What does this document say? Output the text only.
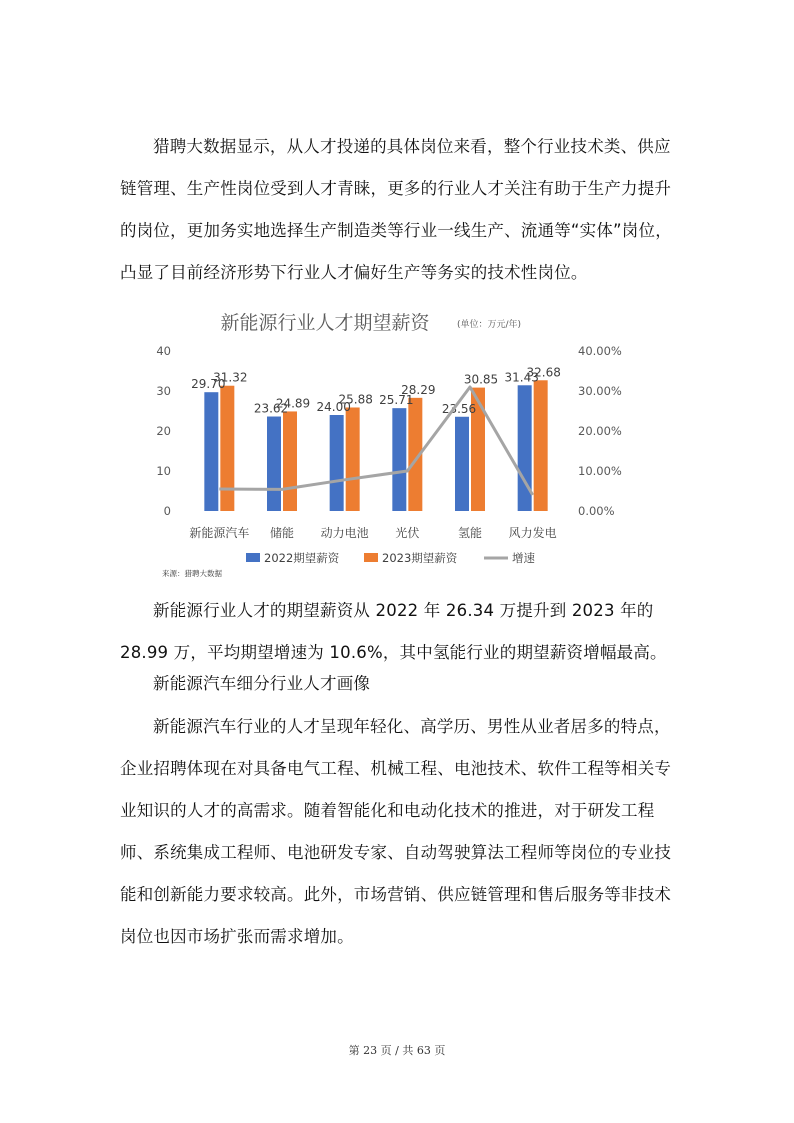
猎聘大数据显示，从人才投递的具体岗位来看，整个行业技术类、供应链管理、生产性岗位受到人才青睐，更多的行业人才关注有助于生产力提升的岗位，更加务实地选择生产制造类等行业一线生产、流通等“实体”岗位，凸显了目前经济形势下行业人才偏好生产等务实的技术性岗位。
新能源行业人才期望薪资	(单位：万元/年)
0
10
20
30
40
0.00%
10.00%
20.00%
30.00%
40.00%
29.70
23.62 24.00 25.71
23.56
31.43
31.32
24.89 25.88
28.29
30.85
32.68
新能源汽车 储能 动力电池 光伏	氢能 风力发电
2022期望薪资	2023期望薪资	增速
来源：猎聘大数据
新能源行业人才的期望薪资从 2022 年 26.34 万提升到 2023 年的 28.99 万，平均期望增速为 10.6%，其中氢能行业的期望薪资增幅最高。
新能源汽车细分行业人才画像
新能源汽车行业的人才呈现年轻化、高学历、男性从业者居多的特点，企业招聘体现在对具备电气工程、机械工程、电池技术、软件工程等相关专业知识的人才的高需求。随着智能化和电动化技术的推进，对于研发工程师、系统集成工程师、电池研发专家、自动驾驶算法工程师等岗位的专业技能和创新能力要求较高。此外，市场营销、供应链管理和售后服务等非技术岗位也因市场扩张而需求增加。
第 23 页 / 共 63 页
